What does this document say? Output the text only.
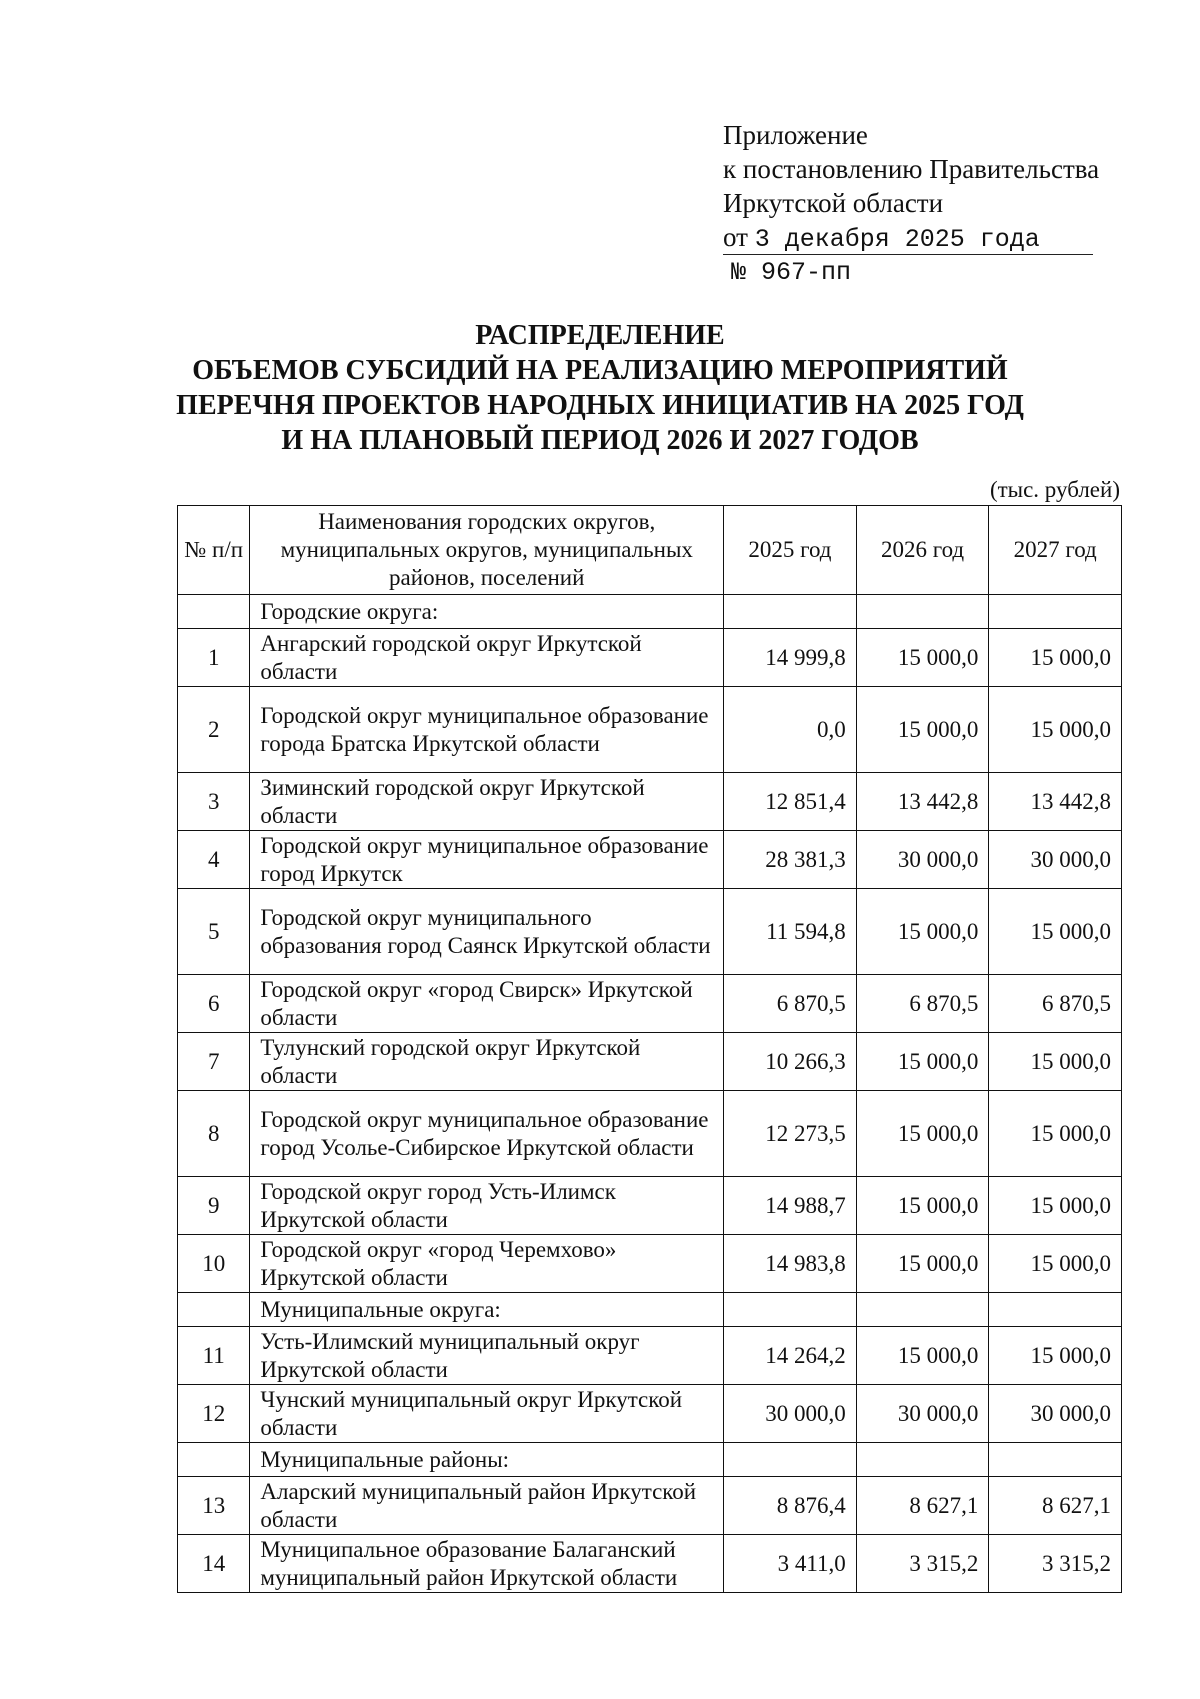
Приложение
к постановлению Правительства
Иркутской области
от 3 декабря 2025 года
№ 967-пп
РАСПРЕДЕЛЕНИЕ
ОБЪЕМОВ СУБСИДИЙ НА РЕАЛИЗАЦИЮ МЕРОПРИЯТИЙ
ПЕРЕЧНЯ ПРОЕКТОВ НАРОДНЫХ ИНИЦИАТИВ НА 2025 ГОД
И НА ПЛАНОВЫЙ ПЕРИОД 2026 И 2027 ГОДОВ
(тыс. рублей)
№ п/п	Наименования городских округов, муниципальных округов, муниципальных районов, поселений	2025 год	2026 год	2027 год
	Городские округа:			
1	Ангарский городской округ Иркутской области	14 999,8	15 000,0	15 000,0
2	Городской округ муниципальное образование города Братска Иркутской области	0,0	15 000,0	15 000,0
3	Зиминский городской округ Иркутской области	12 851,4	13 442,8	13 442,8
4	Городской округ муниципальное образование город Иркутск	28 381,3	30 000,0	30 000,0
5	Городской округ муниципального образования город Саянск Иркутской области	11 594,8	15 000,0	15 000,0
6	Городской округ «город Свирск» Иркутской области	6 870,5	6 870,5	6 870,5
7	Тулунский городской округ Иркутской области	10 266,3	15 000,0	15 000,0
8	Городской округ муниципальное образование город Усолье-Сибирское Иркутской области	12 273,5	15 000,0	15 000,0
9	Городской округ город Усть-Илимск Иркутской области	14 988,7	15 000,0	15 000,0
10	Городской округ «город Черемхово» Иркутской области	14 983,8	15 000,0	15 000,0
	Муниципальные округа:			
11	Усть-Илимский муниципальный округ Иркутской области	14 264,2	15 000,0	15 000,0
12	Чунский муниципальный округ Иркутской области	30 000,0	30 000,0	30 000,0
	Муниципальные районы:			
13	Аларский муниципальный район Иркутской области	8 876,4	8 627,1	8 627,1
14	Муниципальное образование Балаганский муниципальный район Иркутской области	3 411,0	3 315,2	3 315,2
